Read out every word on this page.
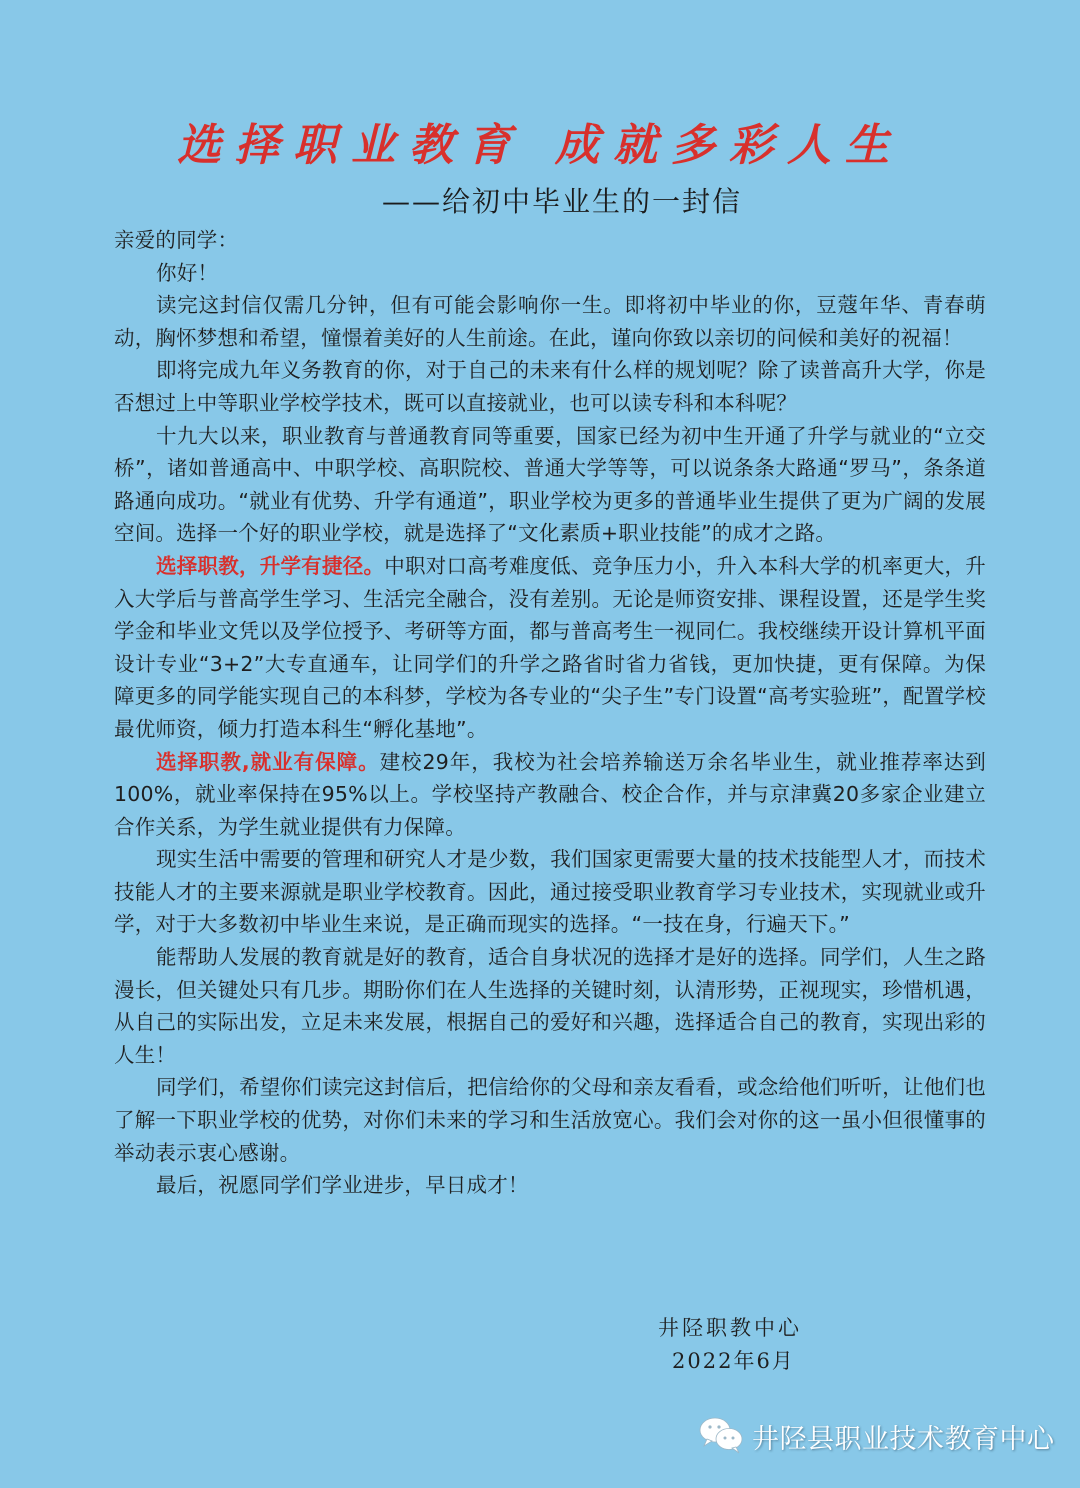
选择职业教育 成就多彩人生
——给初中毕业生的一封信

亲爱的同学：

你好！

读完这封信仅需几分钟，但有可能会影响你一生。即将初中毕业的你，豆蔻年华、青春萌动，胸怀梦想和希望，憧憬着美好的人生前途。在此，谨向你致以亲切的问候和美好的祝福！

即将完成九年义务教育的你，对于自己的未来有什么样的规划呢？除了读普高升大学，你是否想过上中等职业学校学技术，既可以直接就业，也可以读专科和本科呢？

十九大以来，职业教育与普通教育同等重要，国家已经为初中生开通了升学与就业的“立交桥”，诸如普通高中、中职学校、高职院校、普通大学等等，可以说条条大路通“罗马”，条条道路通向成功。“就业有优势、升学有通道”，职业学校为更多的普通毕业生提供了更为广阔的发展空间。选择一个好的职业学校，就是选择了“文化素质+职业技能”的成才之路。

选择职教，升学有捷径。中职对口高考难度低、竞争压力小，升入本科大学的机率更大，升入大学后与普高学生学习、生活完全融合，没有差别。无论是师资安排、课程设置，还是学生奖学金和毕业文凭以及学位授予、考研等方面，都与普高考生一视同仁。我校继续开设计算机平面设计专业“3+2”大专直通车，让同学们的升学之路省时省力省钱，更加快捷，更有保障。为保障更多的同学能实现自己的本科梦，学校为各专业的“尖子生”专门设置“高考实验班”，配置学校最优师资，倾力打造本科生“孵化基地”。

选择职教,就业有保障。建校29年，我校为社会培养输送万余名毕业生，就业推荐率达到100%，就业率保持在95%以上。学校坚持产教融合、校企合作，并与京津冀20多家企业建立合作关系，为学生就业提供有力保障。

现实生活中需要的管理和研究人才是少数，我们国家更需要大量的技术技能型人才，而技术技能人才的主要来源就是职业学校教育。因此，通过接受职业教育学习专业技术，实现就业或升学，对于大多数初中毕业生来说，是正确而现实的选择。“一技在身，行遍天下。”

能帮助人发展的教育就是好的教育，适合自身状况的选择才是好的选择。同学们，人生之路漫长，但关键处只有几步。期盼你们在人生选择的关键时刻，认清形势，正视现实，珍惜机遇，从自己的实际出发，立足未来发展，根据自己的爱好和兴趣，选择适合自己的教育，实现出彩的人生！

同学们，希望你们读完这封信后，把信给你的父母和亲友看看，或念给他们听听，让他们也了解一下职业学校的优势，对你们未来的学习和生活放宽心。我们会对你的这一虽小但很懂事的举动表示衷心感谢。

最后，祝愿同学们学业进步，早日成才！

井陉职教中心
2022年6月
井陉县职业技术教育中心
